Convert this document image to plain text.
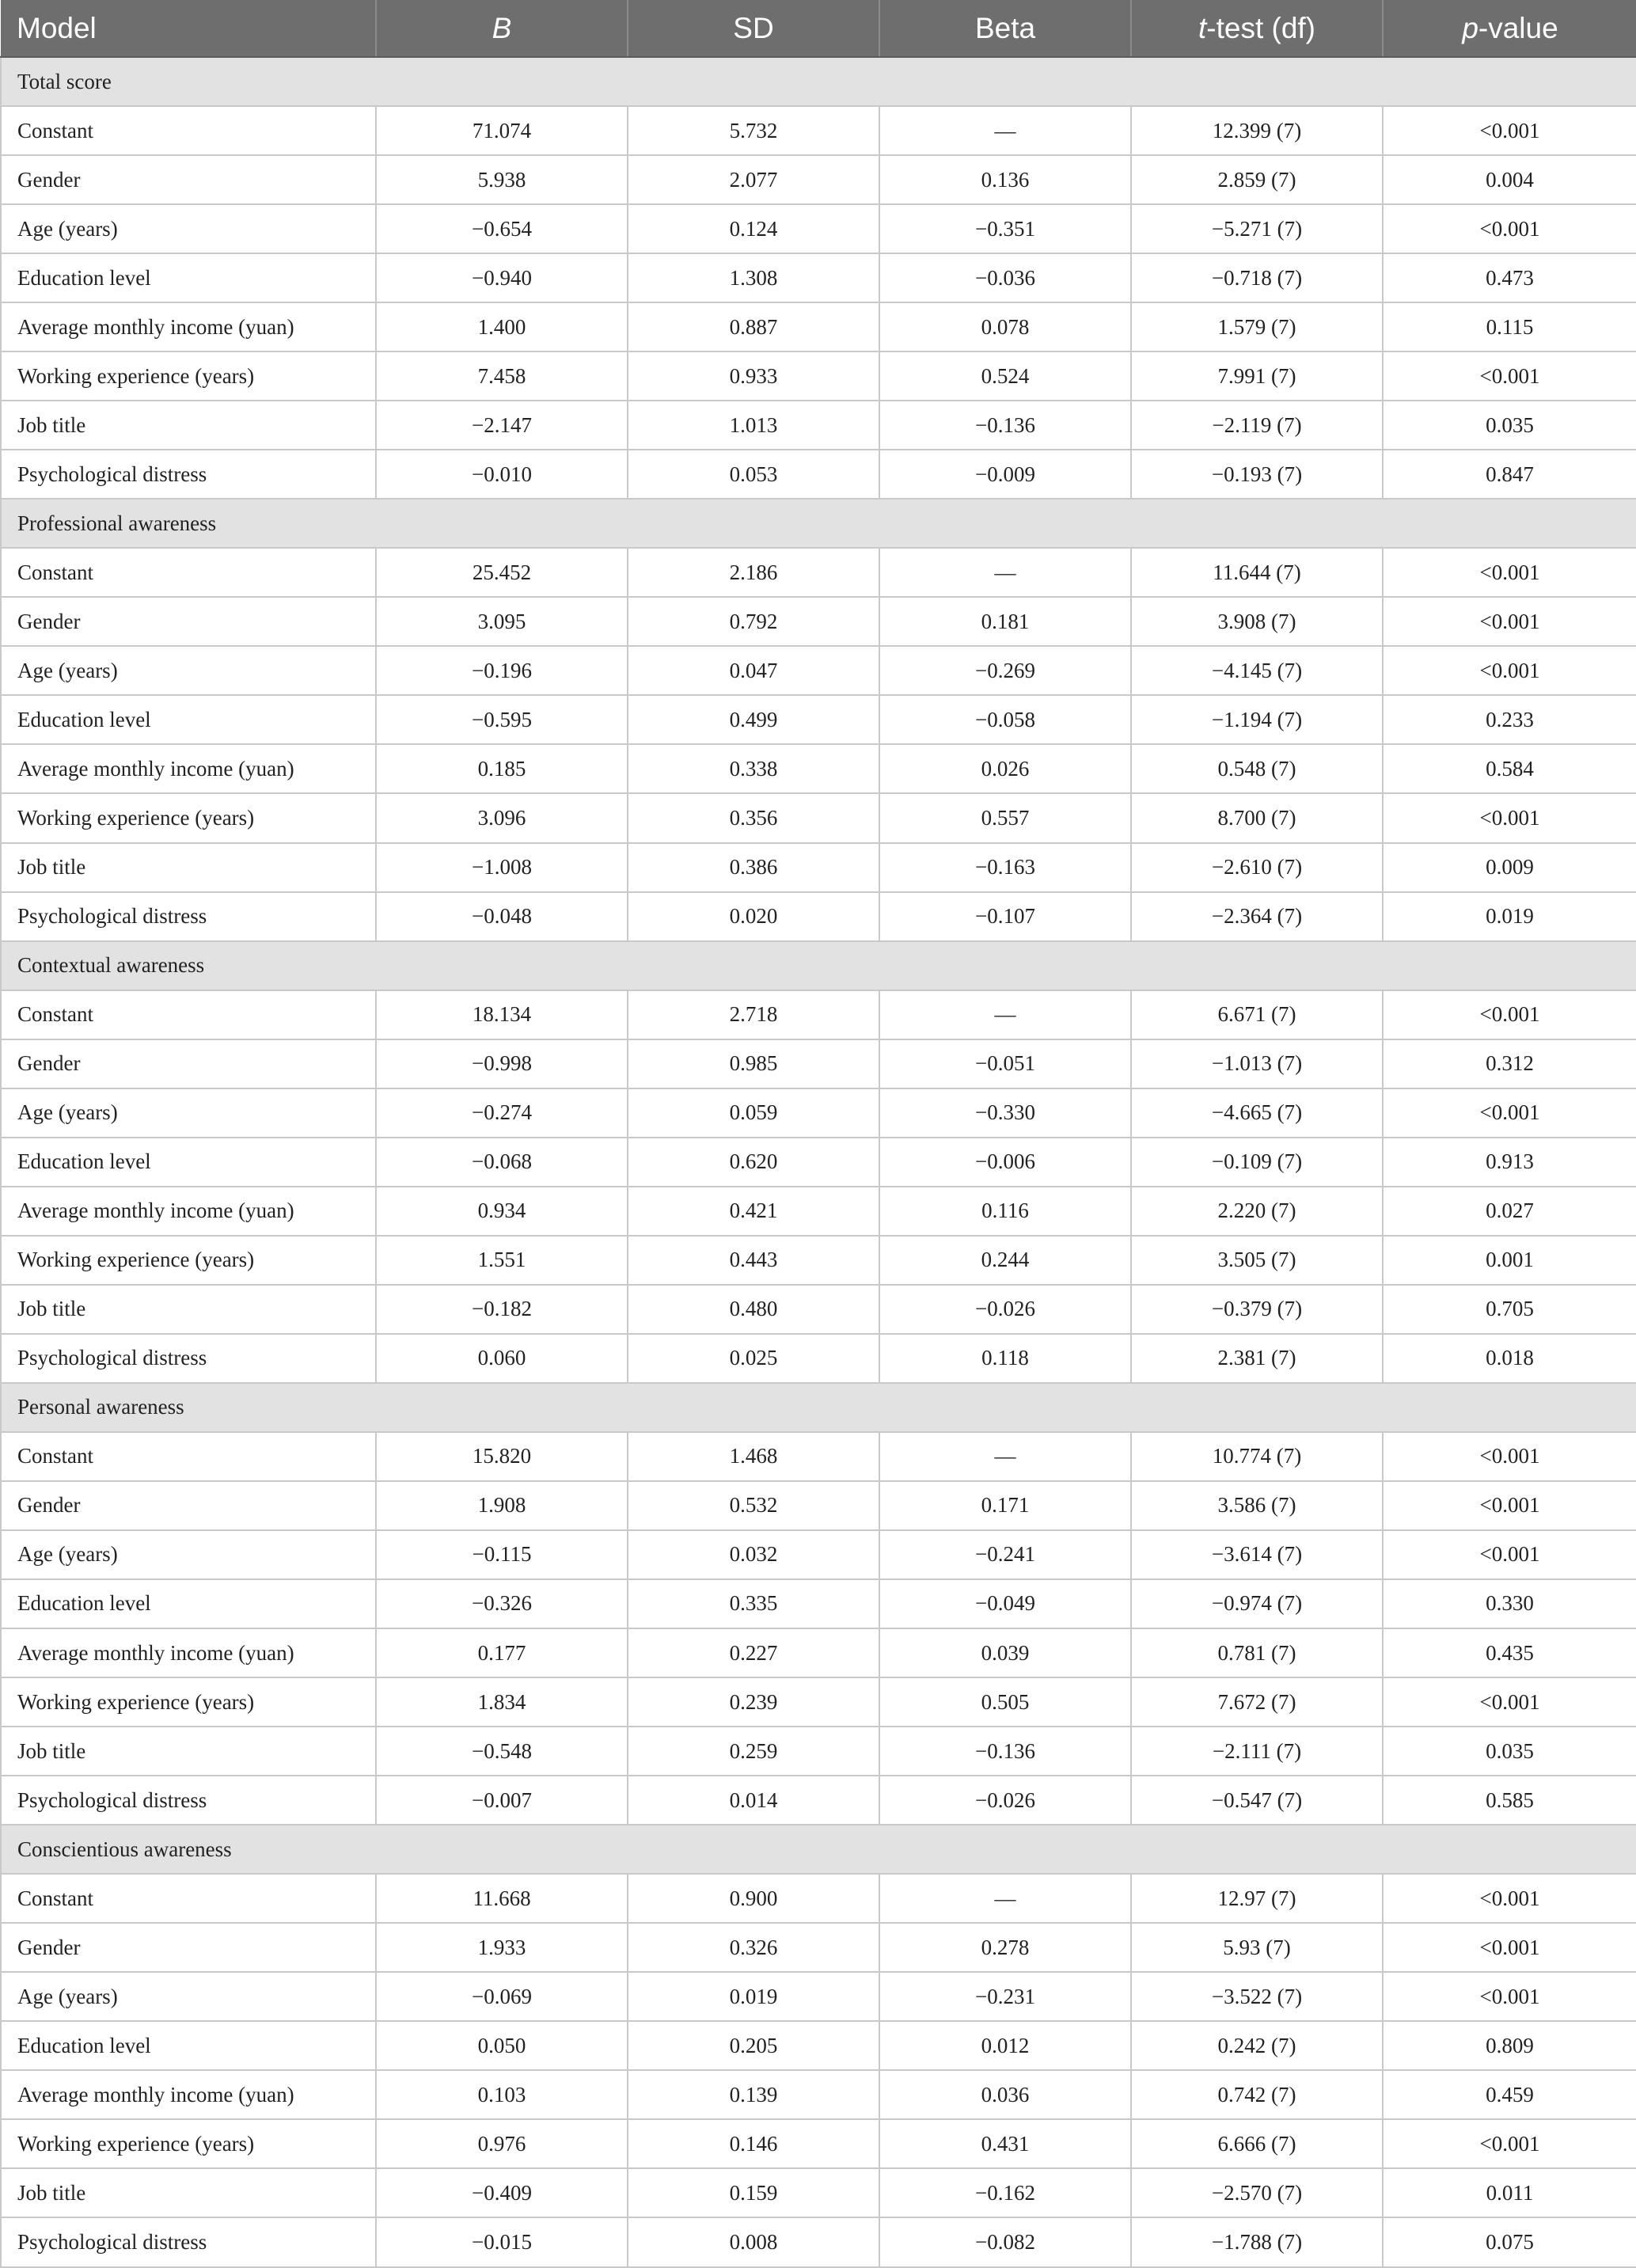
Model	B	SD	Beta	t-test (df)	p-value
Total score					
Constant	71.074	5.732	—	12.399 (7)	<0.001
Gender	5.938	2.077	0.136	2.859 (7)	0.004
Age (years)	−0.654	0.124	−0.351	−5.271 (7)	<0.001
Education level	−0.940	1.308	−0.036	−0.718 (7)	0.473
Average monthly income (yuan)	1.400	0.887	0.078	1.579 (7)	0.115
Working experience (years)	7.458	0.933	0.524	7.991 (7)	<0.001
Job title	−2.147	1.013	−0.136	−2.119 (7)	0.035
Psychological distress	−0.010	0.053	−0.009	−0.193 (7)	0.847
Professional awareness					
Constant	25.452	2.186	—	11.644 (7)	<0.001
Gender	3.095	0.792	0.181	3.908 (7)	<0.001
Age (years)	−0.196	0.047	−0.269	−4.145 (7)	<0.001
Education level	−0.595	0.499	−0.058	−1.194 (7)	0.233
Average monthly income (yuan)	0.185	0.338	0.026	0.548 (7)	0.584
Working experience (years)	3.096	0.356	0.557	8.700 (7)	<0.001
Job title	−1.008	0.386	−0.163	−2.610 (7)	0.009
Psychological distress	−0.048	0.020	−0.107	−2.364 (7)	0.019
Contextual awareness					
Constant	18.134	2.718	—	6.671 (7)	<0.001
Gender	−0.998	0.985	−0.051	−1.013 (7)	0.312
Age (years)	−0.274	0.059	−0.330	−4.665 (7)	<0.001
Education level	−0.068	0.620	−0.006	−0.109 (7)	0.913
Average monthly income (yuan)	0.934	0.421	0.116	2.220 (7)	0.027
Working experience (years)	1.551	0.443	0.244	3.505 (7)	0.001
Job title	−0.182	0.480	−0.026	−0.379 (7)	0.705
Psychological distress	0.060	0.025	0.118	2.381 (7)	0.018
Personal awareness					
Constant	15.820	1.468	—	10.774 (7)	<0.001
Gender	1.908	0.532	0.171	3.586 (7)	<0.001
Age (years)	−0.115	0.032	−0.241	−3.614 (7)	<0.001
Education level	−0.326	0.335	−0.049	−0.974 (7)	0.330
Average monthly income (yuan)	0.177	0.227	0.039	0.781 (7)	0.435
Working experience (years)	1.834	0.239	0.505	7.672 (7)	<0.001
Job title	−0.548	0.259	−0.136	−2.111 (7)	0.035
Psychological distress	−0.007	0.014	−0.026	−0.547 (7)	0.585
Conscientious awareness					
Constant	11.668	0.900	—	12.97 (7)	<0.001
Gender	1.933	0.326	0.278	5.93 (7)	<0.001
Age (years)	−0.069	0.019	−0.231	−3.522 (7)	<0.001
Education level	0.050	0.205	0.012	0.242 (7)	0.809
Average monthly income (yuan)	0.103	0.139	0.036	0.742 (7)	0.459
Working experience (years)	0.976	0.146	0.431	6.666 (7)	<0.001
Job title	−0.409	0.159	−0.162	−2.570 (7)	0.011
Psychological distress	−0.015	0.008	−0.082	−1.788 (7)	0.075
